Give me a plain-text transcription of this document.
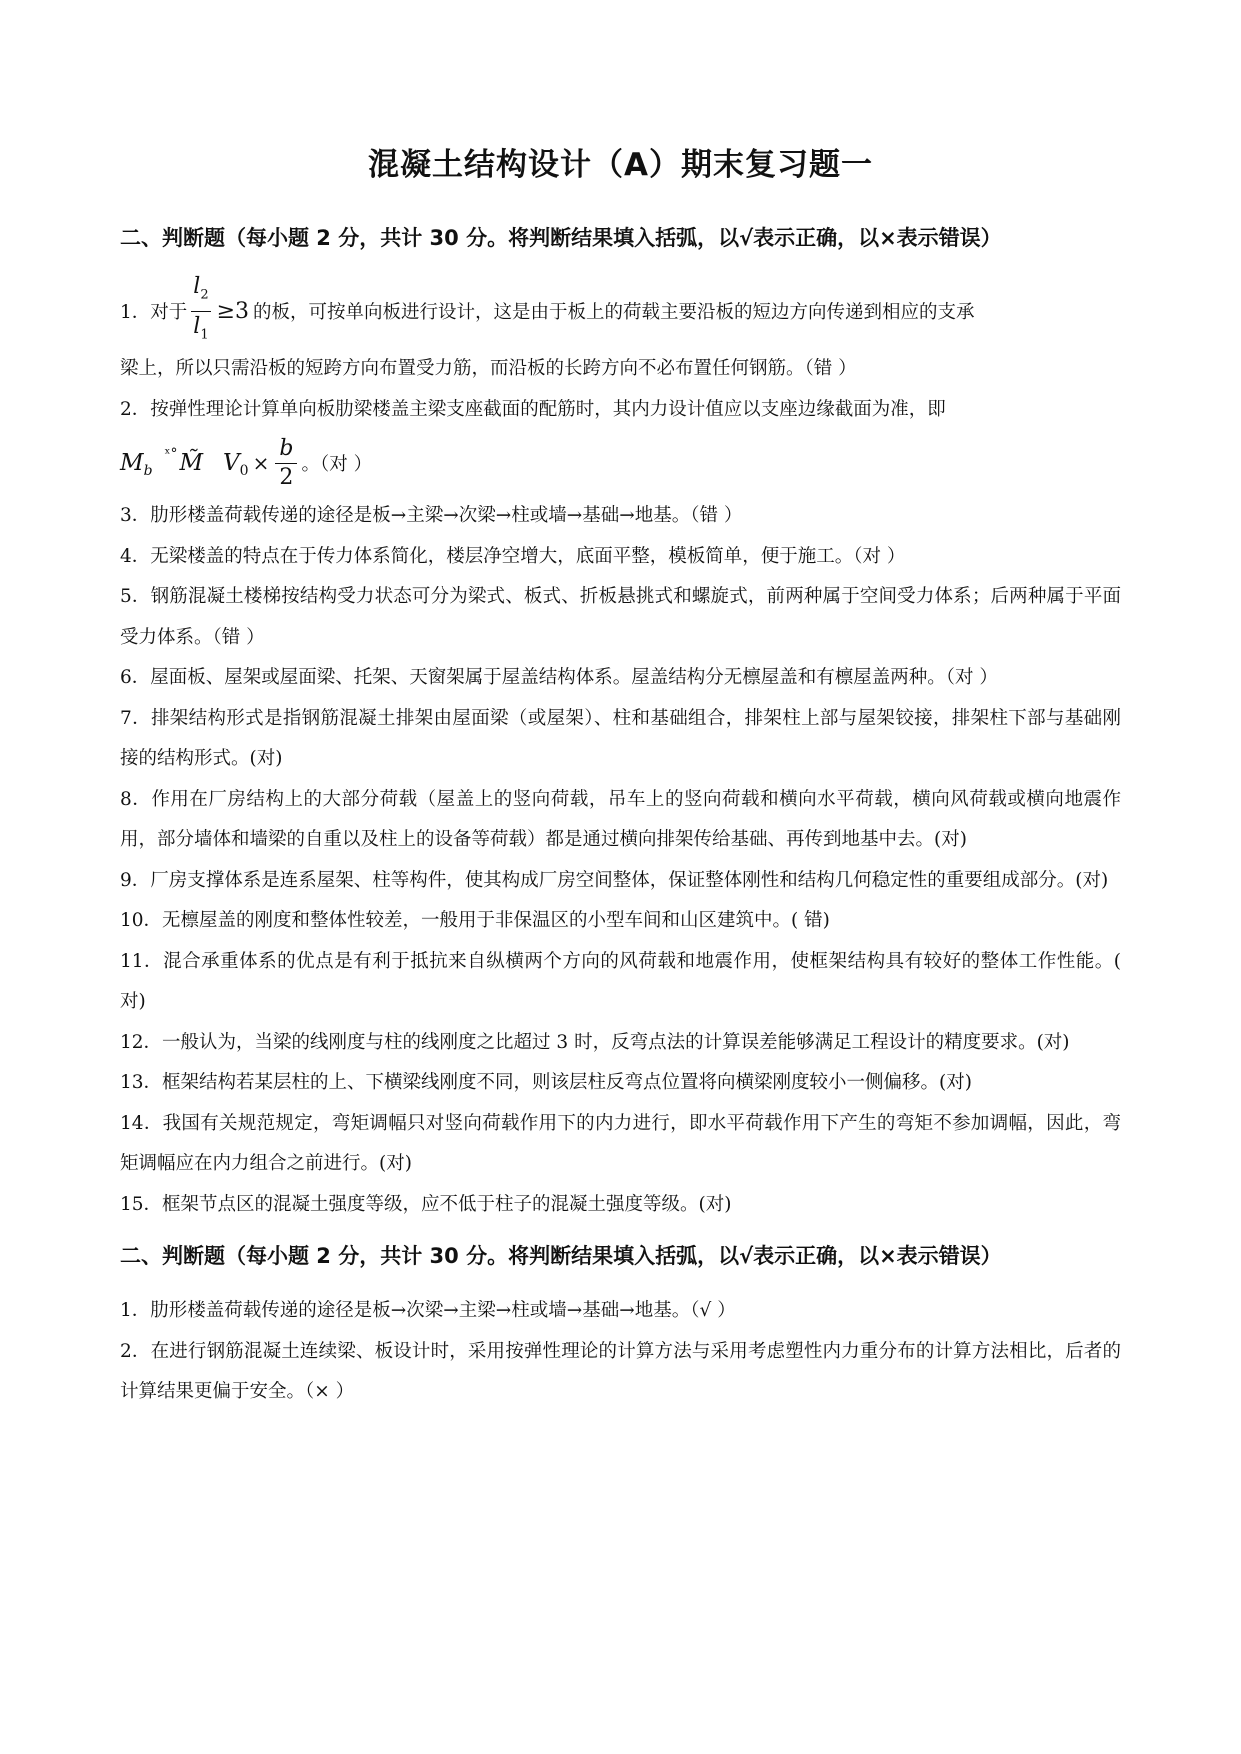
混凝土结构设计（A）期末复习题一
二、判断题（每小题 2 分，共计 30 分。将判断结果填入括弧，以√表示正确，以×表示错误）
1．对于 $\frac{l_2}{l_1} \ge 3$ 的板，可按单向板进行设计，这是由于板上的荷载主要沿板的短边方向传递到相应的支承

梁上，所以只需沿板的短跨方向布置受力筋，而沿板的长跨方向不必布置任何钢筋。（错 ）

2．按弹性理论计算单向板肋梁楼盖主梁支座截面的配筋时，其内力设计值应以支座边缘截面为准，即

M b
ˣ° M̃ V $0 \times \frac{b}{2}$ 。（对 ）

3．肋形楼盖荷载传递的途径是板→主梁→次梁→柱或墙→基础→地基。（错 ）

4．无梁楼盖的特点在于传力体系简化，楼层净空增大，底面平整，模板简单，便于施工。（对 ）

5．钢筋混凝土楼梯按结构受力状态可分为梁式、板式、折板悬挑式和螺旋式，前两种属于空间受力体系；后两种属于平面受力体系。（错 ）

6．屋面板、屋架或屋面梁、托架、天窗架属于屋盖结构体系。屋盖结构分无檩屋盖和有檩屋盖两种。（对 ）

7．排架结构形式是指钢筋混凝土排架由屋面梁（或屋架）、柱和基础组合，排架柱上部与屋架铰接，排架柱下部与基础刚接的结构形式。(对)

8．作用在厂房结构上的大部分荷载（屋盖上的竖向荷载，吊车上的竖向荷载和横向水平荷载，横向风荷载或横向地震作用，部分墙体和墙梁的自重以及柱上的设备等荷载）都是通过横向排架传给基础、再传到地基中去。(对)

9．厂房支撑体系是连系屋架、柱等构件，使其构成厂房空间整体，保证整体刚性和结构几何稳定性的重要组成部分。(对)

10．无檩屋盖的刚度和整体性较差，一般用于非保温区的小型车间和山区建筑中。( 错)

11．混合承重体系的优点是有利于抵抗来自纵横两个方向的风荷载和地震作用，使框架结构具有较好的整体工作性能。( 对)

12．一般认为，当梁的线刚度与柱的线刚度之比超过 3 时，反弯点法的计算误差能够满足工程设计的精度要求。(对)

13．框架结构若某层柱的上、下横梁线刚度不同，则该层柱反弯点位置将向横梁刚度较小一侧偏移。(对)

14．我国有关规范规定，弯矩调幅只对竖向荷载作用下的内力进行，即水平荷载作用下产生的弯矩不参加调幅，因此，弯矩调幅应在内力组合之前进行。(对)

15．框架节点区的混凝土强度等级，应不低于柱子的混凝土强度等级。(对)

二、判断题（每小题 2 分，共计 30 分。将判断结果填入括弧，以√表示正确，以×表示错误）

1．肋形楼盖荷载传递的途径是板→次梁→主梁→柱或墙→基础→地基。（√ ）

2．在进行钢筋混凝土连续梁、板设计时，采用按弹性理论的计算方法与采用考虑塑性内力重分布的计算方法相比，后者的计算结果更偏于安全。（× ）
